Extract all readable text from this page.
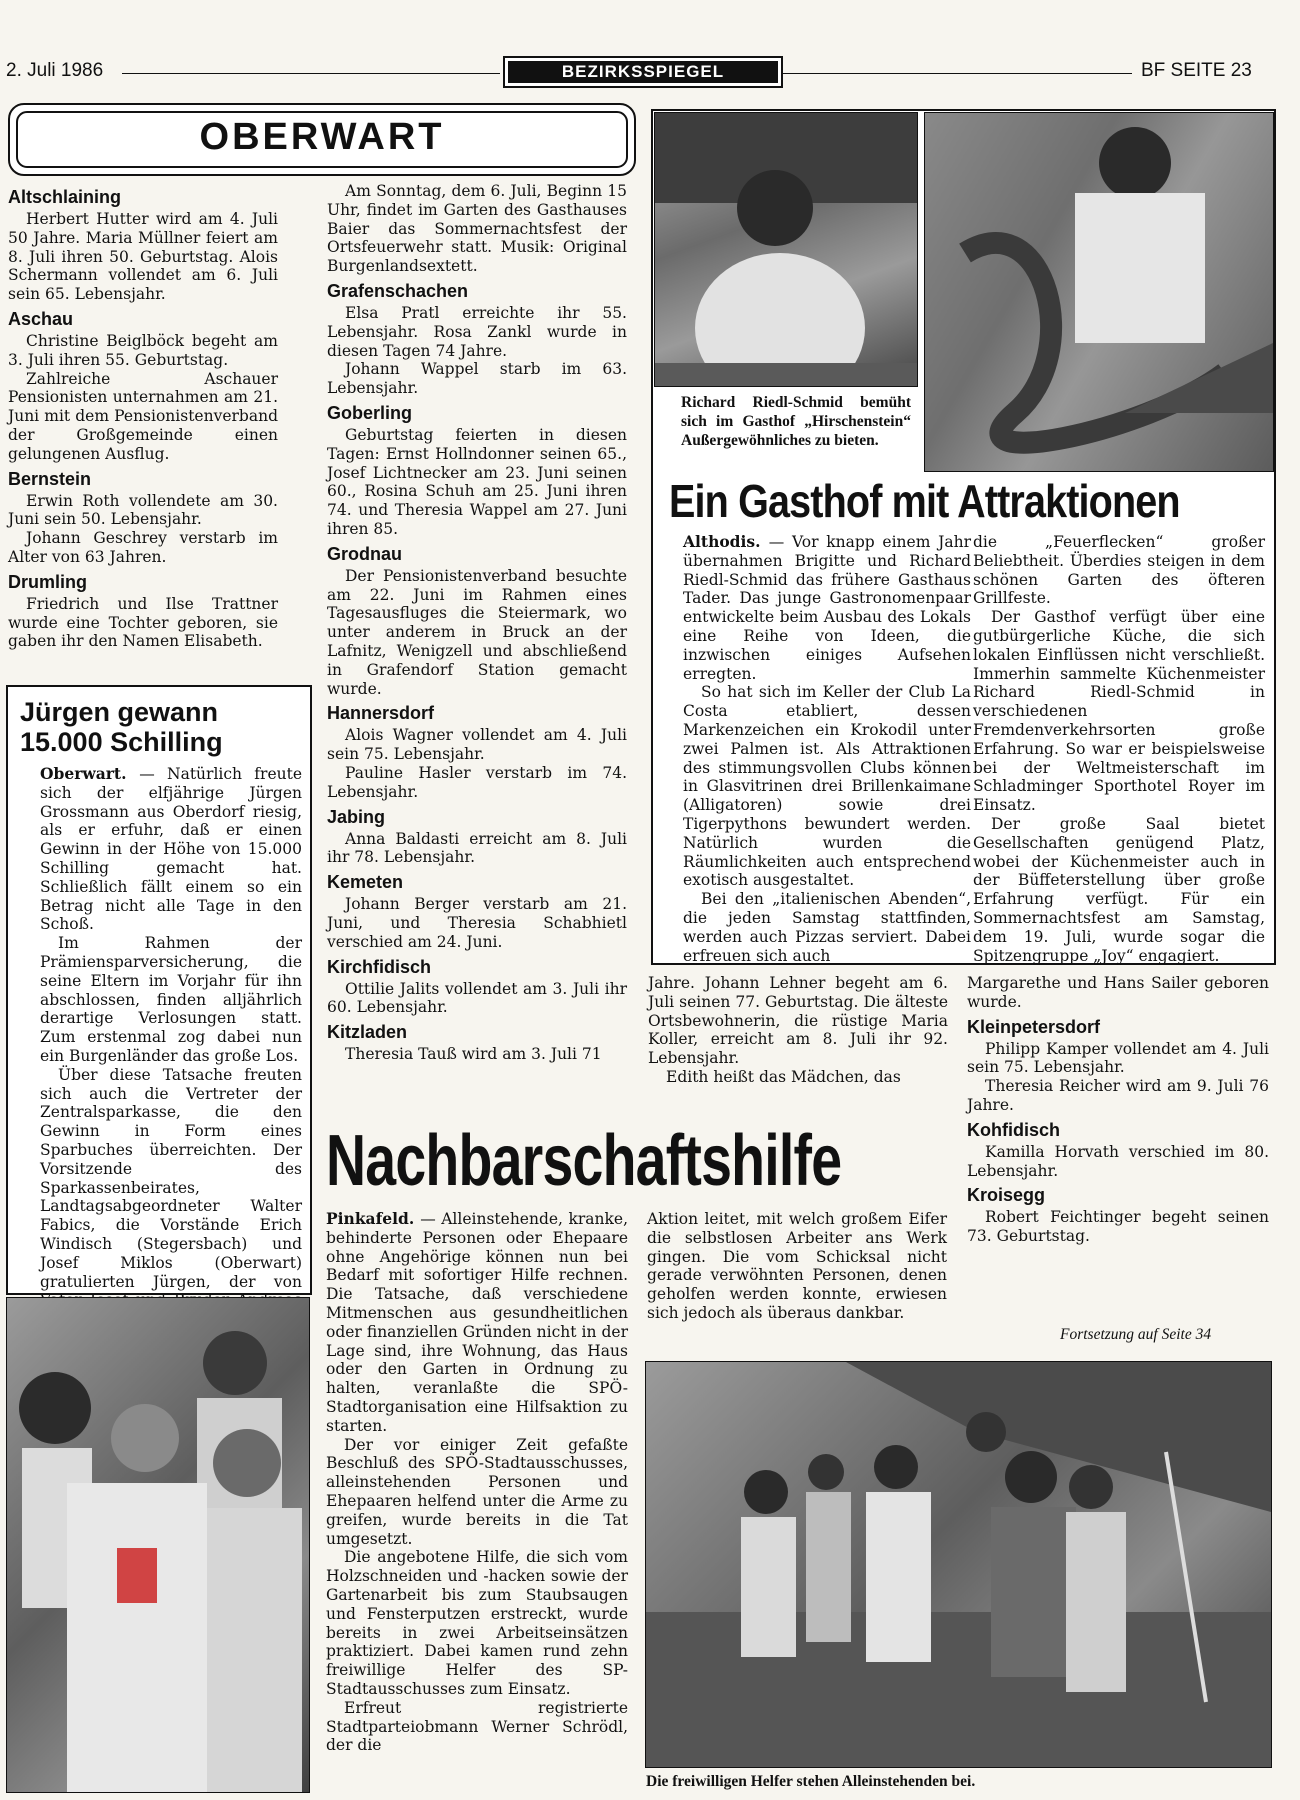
2. Juli 1986	BEZIRKSSPIEGEL	BF SEITE 23
OBERWART
Altschlaining

Herbert Hutter wird am 4. Juli 50 Jahre. Maria Müllner feiert am 8. Juli ihren 50. Geburtstag. Alois Schermann vollendet am 6. Juli sein 65. Lebensjahr.

Aschau

Christine Beiglböck begeht am 3. Juli ihren 55. Geburtstag.

Zahlreiche Aschauer Pensionisten unternahmen am 21. Juni mit dem Pensionistenverband der Großgemeinde einen gelungenen Ausflug.

Bernstein

Erwin Roth vollendete am 30. Juni sein 50. Lebensjahr.

Johann Geschrey verstarb im Alter von 63 Jahren.

Drumling

Friedrich und Ilse Trattner wurde eine Tochter geboren, sie gaben ihr den Namen Elisabeth.

Am Sonntag, dem 6. Juli, Beginn 15 Uhr, findet im Garten des Gasthauses Baier das Sommernachtsfest der Ortsfeuerwehr statt. Musik: Original Burgenlandsextett.

Grafenschachen

Elsa Pratl erreichte ihr 55. Lebensjahr. Rosa Zankl wurde in diesen Tagen 74 Jahre.

Johann Wappel starb im 63. Lebensjahr.

Goberling

Geburtstag feierten in diesen Tagen: Ernst Hollndonner seinen 65., Josef Lichtnecker am 23. Juni seinen 60., Rosina Schuh am 25. Juni ihren 74. und Theresia Wappel am 27. Juni ihren 85.

Grodnau

Der Pensionistenverband besuchte am 22. Juni im Rahmen eines Tagesausfluges die Steiermark, wo unter anderem in Bruck an der Lafnitz, Wenigzell und abschließend in Grafendorf Station gemacht wurde.

Hannersdorf

Alois Wagner vollendet am 4. Juli sein 75. Lebensjahr.

Pauline Hasler verstarb im 74. Lebensjahr.

Jabing

Anna Baldasti erreicht am 8. Juli ihr 78. Lebensjahr.

Kemeten

Johann Berger verstarb am 21. Juni, und Theresia Schabhietl verschied am 24. Juni.

Kirchfidisch

Ottilie Jalits vollendet am 3. Juli ihr 60. Lebensjahr.

Kitzladen

Theresia Tauß wird am 3. Juli 71

Jürgen gewann 15.000 Schilling

Oberwart. — Natürlich freute sich der elfjährige Jürgen Grossmann aus Oberdorf riesig, als er erfuhr, daß er einen Gewinn in der Höhe von 15.000 Schilling gemacht hat. Schließlich fällt einem so ein Betrag nicht alle Tage in den Schoß.

Im Rahmen der Prämiensparversicherung, die seine Eltern im Vorjahr für ihn abschlossen, finden alljährlich derartige Verlosungen statt. Zum erstenmal zog dabei nun ein Burgenländer das große Los.

Über diese Tatsache freuten sich auch die Vertreter der Zentralsparkasse, die den Gewinn in Form eines Sparbuches überreichten. Der Vorsitzende des Sparkassenbeirates, Landtagsabgeordneter Walter Fabics, die Vorstände Erich Windisch (Stegersbach) und Josef Miklos (Oberwart) gratulierten Jürgen, der von

Richard Riedl-Schmid bemüht sich im Gasthof „Hirschenstein“ Außergewöhnliches zu bieten.
Ein Gasthof mit Attraktionen

Althodis. — Vor knapp einem Jahr übernahmen Brigitte und Richard Riedl-Schmid das frühere Gasthaus Tader. Das junge Gastronomenpaar entwickelte beim Ausbau des Lokals eine Reihe von Ideen, die inzwischen einiges Aufsehen erregten.

So hat sich im Keller der Club La Costa etabliert, dessen Markenzeichen ein Krokodil unter zwei Palmen ist. Als Attraktionen des stimmungsvollen Clubs können in Glasvitrinen drei Brillenkaimane (Alligatoren) sowie drei Tigerpythons bewundert werden. Natürlich wurden die Räumlichkeiten auch entsprechend exotisch ausgestaltet.

Bei den „italienischen Abenden“, die jeden Samstag stattfinden, werden auch Pizzas serviert. Dabei erfreuen sich auch

die „Feuerflecken“ großer Beliebtheit. Überdies steigen in dem schönen Garten des öfteren Grillfeste.

Der Gasthof verfügt über eine gutbürgerliche Küche, die sich lokalen Einflüssen nicht verschließt. Immerhin sammelte Küchenmeister Richard Riedl-Schmid in verschiedenen Fremdenverkehrsorten große Erfahrung. So war er beispielsweise bei der Weltmeisterschaft im Schladminger Sporthotel Royer im Einsatz.

Der große Saal bietet Gesellschaften genügend Platz, wobei der Küchenmeister auch in der Büffeterstellung über große Erfahrung verfügt. Für ein Sommernachtsfest am Samstag, dem 19. Juli, wurde sogar die Spitzengruppe „Joy“ engagiert.

Jahre. Johann Lehner begeht am 6. Juli seinen 77. Geburtstag. Die älteste Ortsbewohnerin, die rüstige Maria Koller, erreicht am 8. Juli ihr 92. Lebensjahr.

Edith heißt das Mädchen, das

Margarethe und Hans Sailer geboren wurde.

Kleinpetersdorf

Philipp Kamper vollendet am 4. Juli sein 75. Lebensjahr.

Theresia Reicher wird am 9. Juli 76 Jahre.

Kohfidisch

Kamilla Horvath verschied im 80. Lebensjahr.

Kroisegg

Robert Feichtinger begeht seinen 73. Geburtstag.

Fortsetzung auf Seite 34
Nachbarschaftshilfe

Pinkafeld. — Alleinstehende, kranke, behinderte Personen oder Ehepaare ohne Angehörige können nun bei Bedarf mit sofortiger Hilfe rechnen. Die Tatsache, daß verschiedene Mitmenschen aus gesundheitlichen oder finanziellen Gründen nicht in der Lage sind, ihre Wohnung, das Haus oder den Garten in Ordnung zu halten, veranlaßte die SPÖ-Stadtorganisation eine Hilfsaktion zu starten.

Der vor einiger Zeit gefaßte Beschluß des SPÖ-Stadtausschusses, alleinstehenden Personen und Ehepaaren helfend unter die Arme zu greifen, wurde bereits in die Tat umgesetzt.

Die angebotene Hilfe, die sich vom Holzschneiden und -hacken sowie der Gartenarbeit bis zum Staubsaugen und Fensterputzen erstreckt, wurde bereits in zwei Arbeitseinsätzen praktiziert. Dabei kamen rund zehn freiwillige Helfer des SP-Stadtausschusses zum Einsatz.

Erfreut registrierte Stadtparteiobmann Werner Schrödl, der die

Aktion leitet, mit welch großem Eifer die selbstlosen Arbeiter ans Werk gingen. Die vom Schicksal nicht gerade verwöhnten Personen, denen geholfen werden konnte, erwiesen sich jedoch als überaus dankbar.

Die freiwilligen Helfer stehen Alleinstehenden bei.
